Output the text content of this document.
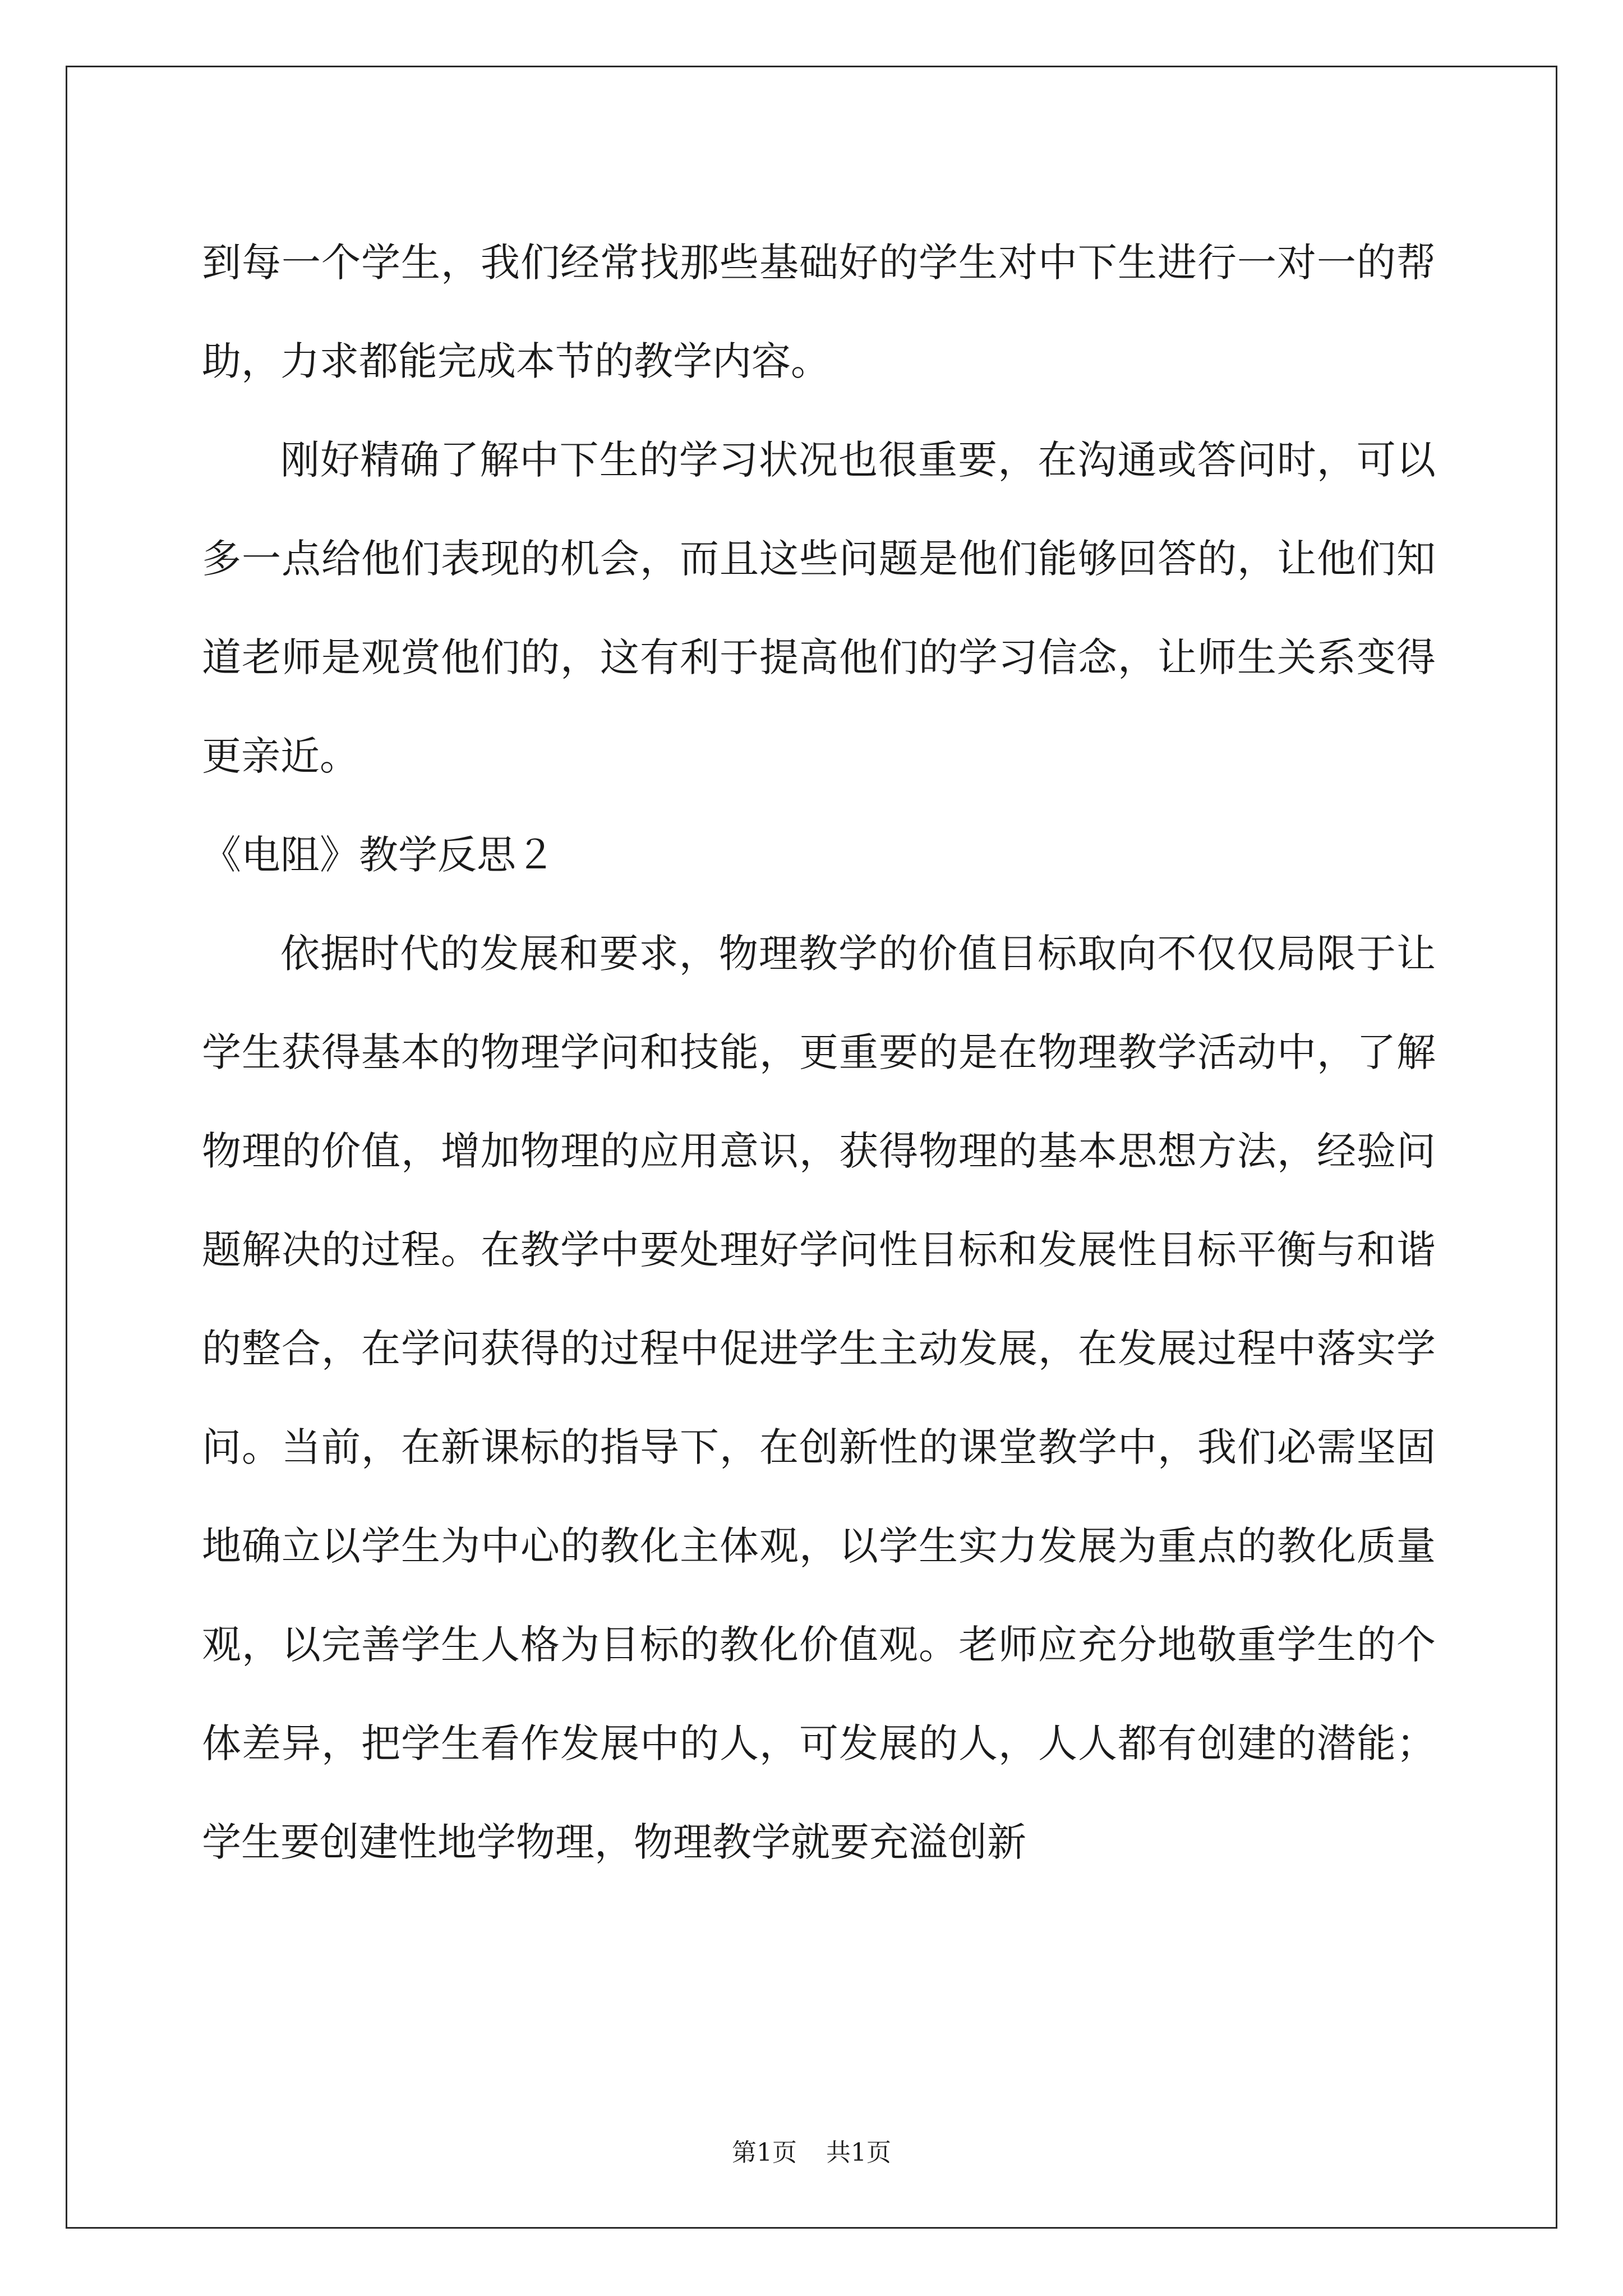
到每一个学生，我们经常找那些基础好的学生对中下生进行一对一的帮助，力求都能完成本节的教学内容。

刚好精确了解中下生的学习状况也很重要，在沟通或答问时，可以多一点给他们表现的机会，而且这些问题是他们能够回答的，让他们知道老师是观赏他们的，这有利于提高他们的学习信念，让师生关系变得更亲近。

《电阻》教学反思２

依据时代的发展和要求，物理教学的价值目标取向不仅仅局限于让学生获得基本的物理学问和技能，更重要的是在物理教学活动中，了解物理的价值，增加物理的应用意识，获得物理的基本思想方法，经验问题解决的过程。在教学中要处理好学问性目标和发展性目标平衡与和谐的整合，在学问获得的过程中促进学生主动发展，在发展过程中落实学问。当前，在新课标的指导下，在创新性的课堂教学中，我们必需坚固地确立以学生为中心的教化主体观，以学生实力发展为重点的教化质量观，以完善学生人格为目标的教化价值观。老师应充分地敬重学生的个体差异，把学生看作发展中的人，可发展的人，人人都有创建的潜能；学生要创建性地学物理，物理教学就要充溢创新

第1页 共1页
